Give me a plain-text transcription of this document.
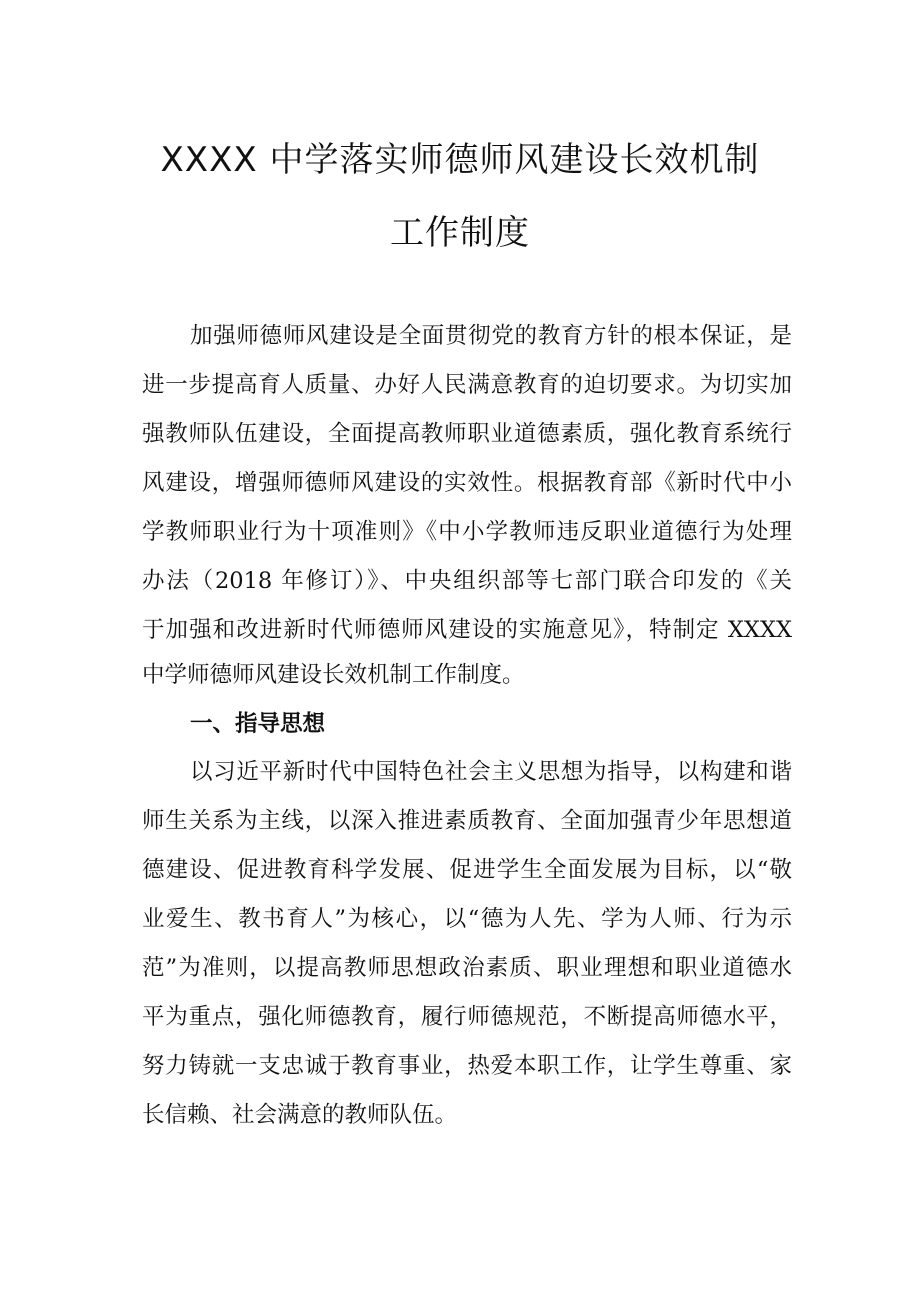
XXXX 中学落实师德师风建设长效机制
工作制度
加强师德师风建设是全面贯彻党的教育方针的根本保证，是
进一步提高育人质量、办好人民满意教育的迫切要求。为切实加
强教师队伍建设，全面提高教师职业道德素质，强化教育系统行
风建设，增强师德师风建设的实效性。根据教育部《新时代中小
学教师职业行为十项准则》《中小学教师违反职业道德行为处理
办法（2018 年修订）》、中央组织部等七部门联合印发的《关
于加强和改进新时代师德师风建设的实施意见》，特制定 XXXX
中学师德师风建设长效机制工作制度。
一、指导思想
以习近平新时代中国特色社会主义思想为指导，以构建和谐
师生关系为主线，以深入推进素质教育、全面加强青少年思想道
德建设、促进教育科学发展、促进学生全面发展为目标，以“敬
业爱生、教书育人”为核心，以“德为人先、学为人师、行为示
范”为准则，以提高教师思想政治素质、职业理想和职业道德水
平为重点，强化师德教育，履行师德规范，不断提高师德水平，
努力铸就一支忠诚于教育事业，热爱本职工作，让学生尊重、家
长信赖、社会满意的教师队伍。
